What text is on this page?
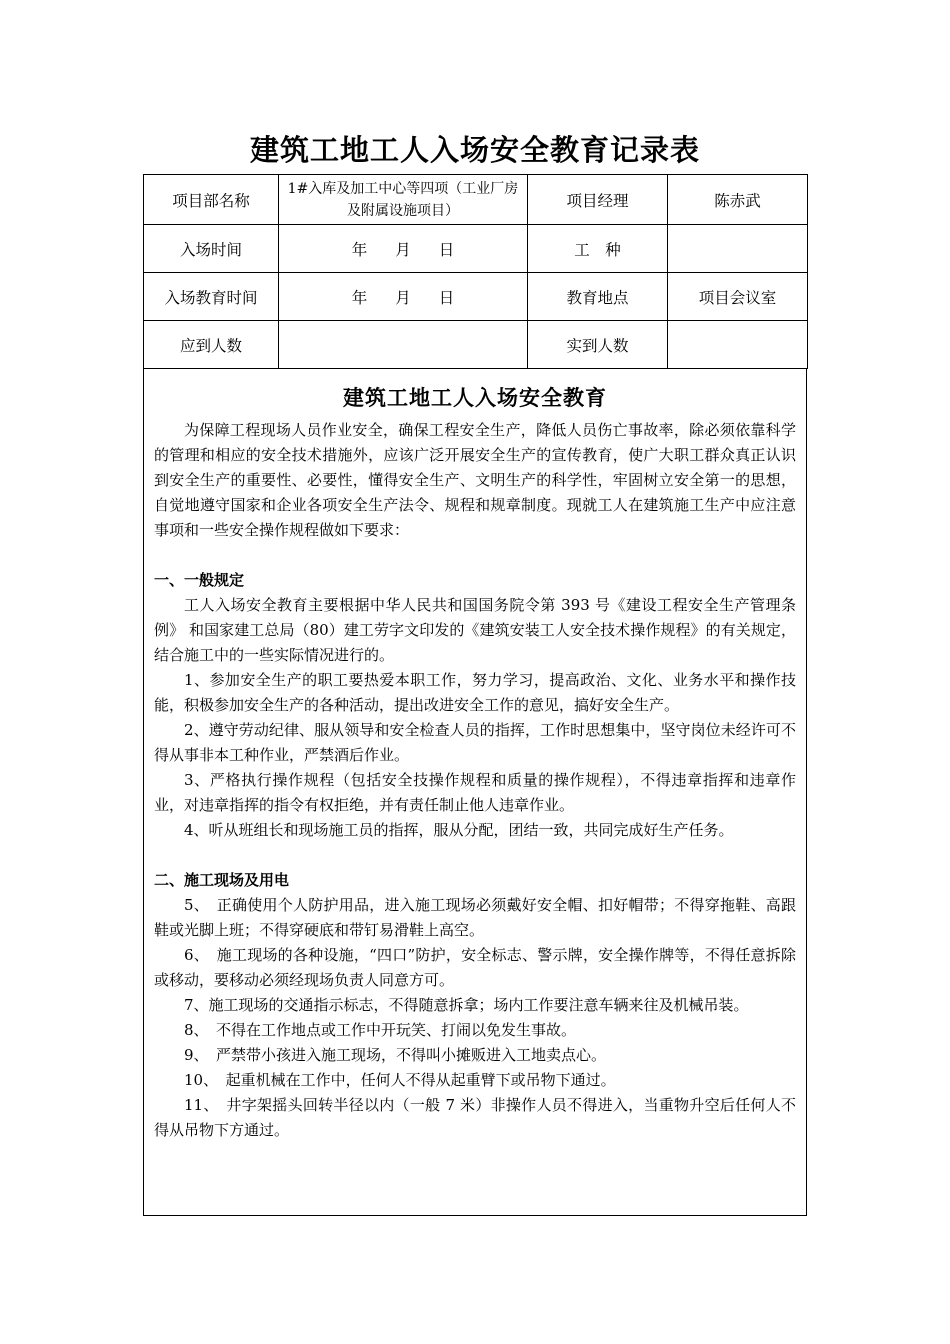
建筑工地工人入场安全教育记录表
项目部名称	1#入库及加工中心等四项（工业厂房及附属设施项目）	项目经理	陈赤武
入场时间	年 月 日	工　种	
入场教育时间	年 月 日	教育地点	项目会议室
应到人数		实到人数	
建筑工地工人入场安全教育

为保障工程现场人员作业安全，确保工程安全生产，降低人员伤亡事故率，除必须依靠科学的管理和相应的安全技术措施外，应该广泛开展安全生产的宣传教育，使广大职工群众真正认识到安全生产的重要性、必要性，懂得安全生产、文明生产的科学性，牢固树立安全第一的思想，自觉地遵守国家和企业各项安全生产法令、规程和规章制度。现就工人在建筑施工生产中应注意事项和一些安全操作规程做如下要求：

一、一般规定

工人入场安全教育主要根据中华人民共和国国务院令第 393 号《建设工程安全生产管理条例》 和国家建工总局（80）建工劳字文印发的《建筑安装工人安全技术操作规程》的有关规定，结合施工中的一些实际情况进行的。

1、参加安全生产的职工要热爱本职工作，努力学习，提高政治、文化、业务水平和操作技能，积极参加安全生产的各种活动，提出改进安全工作的意见，搞好安全生产。

2、遵守劳动纪律、服从领导和安全检查人员的指挥，工作时思想集中，坚守岗位未经许可不得从事非本工种作业，严禁酒后作业。

3、严格执行操作规程（包括安全技操作规程和质量的操作规程），不得违章指挥和违章作业，对违章指挥的指令有权拒绝，并有责任制止他人违章作业。

4、听从班组长和现场施工员的指挥，服从分配，团结一致，共同完成好生产任务。

二、施工现场及用电

5、　正确使用个人防护用品，进入施工现场必须戴好安全帽、扣好帽带；不得穿拖鞋、高跟鞋或光脚上班；不得穿硬底和带钉易滑鞋上高空。

6、　施工现场的各种设施，“四口”防护，安全标志、警示牌，安全操作牌等，不得任意拆除或移动，要移动必须经现场负责人同意方可。

7、施工现场的交通指示标志，不得随意拆拿；场内工作要注意车辆来往及机械吊装。

8、　不得在工作地点或工作中开玩笑、打闹以免发生事故。

9、　严禁带小孩进入施工现场，不得叫小摊贩进入工地卖点心。

10、　起重机械在工作中，任何人不得从起重臂下或吊物下通过。

11、　井字架摇头回转半径以内（一般 7 米）非操作人员不得进入，当重物升空后任何人不得从吊物下方通过。
